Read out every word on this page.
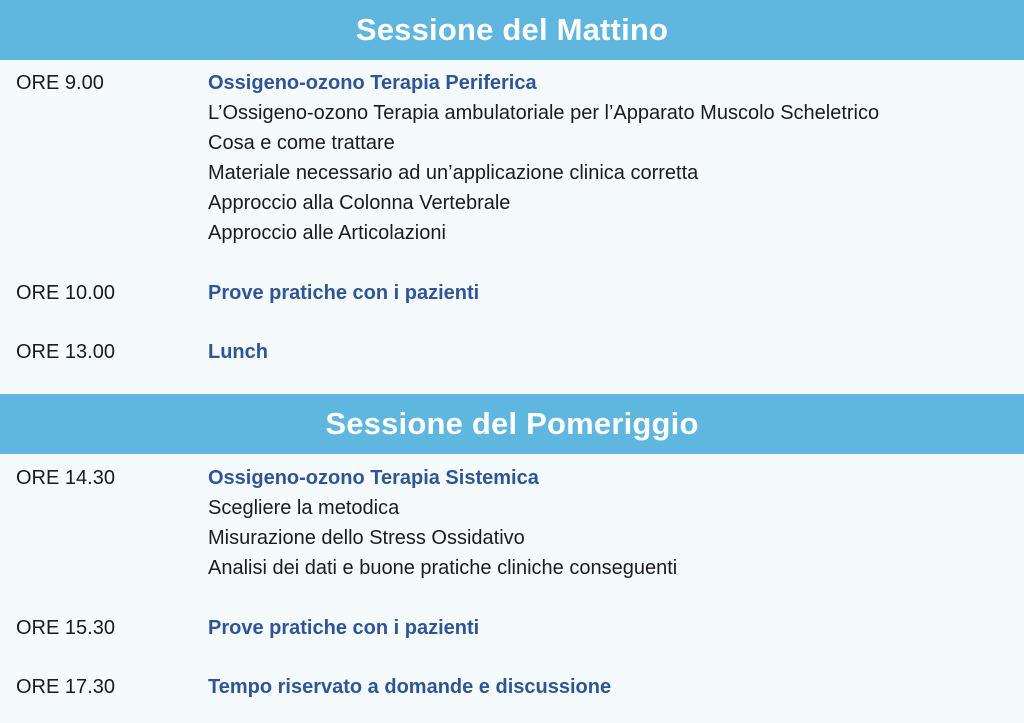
Sessione del Mattino
ORE 9.00	Ossigeno-ozono Terapia Periferica
L’Ossigeno-ozono Terapia ambulatoriale per l’Apparato Muscolo Scheletrico
Cosa e come trattare
Materiale necessario ad un’applicazione clinica corretta
Approccio alla Colonna Vertebrale
Approccio alle Articolazioni
ORE 10.00	Prove pratiche con i pazienti
ORE 13.00	Lunch
Sessione del Pomeriggio
ORE 14.30	Ossigeno-ozono Terapia Sistemica
Scegliere la metodica
Misurazione dello Stress Ossidativo
Analisi dei dati e buone pratiche cliniche conseguenti
ORE 15.30	Prove pratiche con i pazienti
ORE 17.30	Tempo riservato a domande e discussione
